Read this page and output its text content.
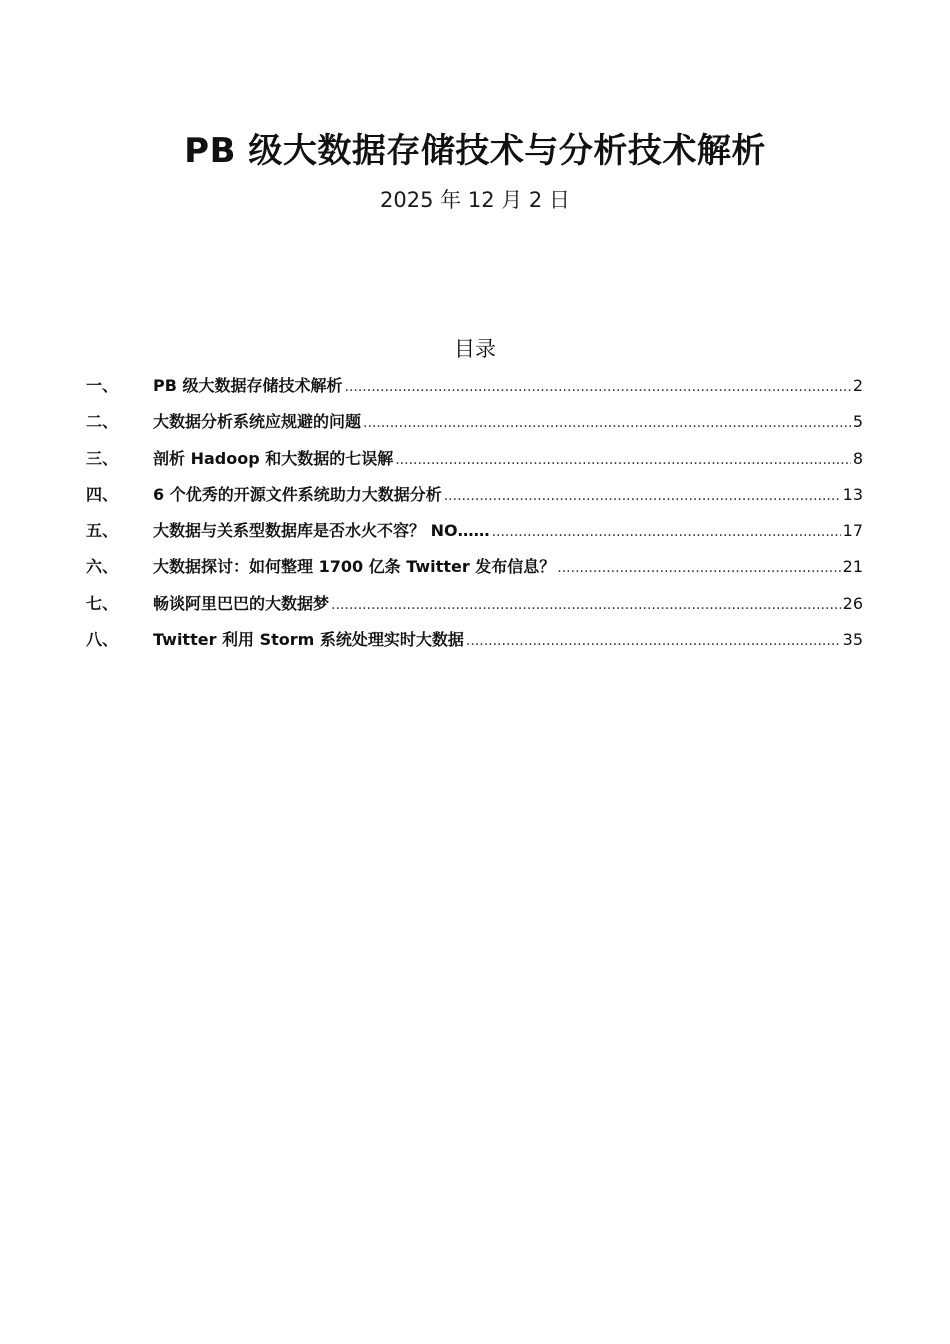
PB 级大数据存储技术与分析技术解析
2025 年 12 月 2 日
目录
一、	PB 级大数据存储技术解析 .....	2
二、	大数据分析系统应规避的问题 .....	5
三、	剖析 Hadoop 和大数据的七误解 .....	8
四、	6 个优秀的开源文件系统助力大数据分析 .....	13
五、	大数据与关系型数据库是否水火不容？ NO…… .....	17
六、	大数据探讨：如何整理 1700 亿条 Twitter 发布信息？ .....	21
七、	畅谈阿里巴巴的大数据梦 .....	26
八、	Twitter 利用 Storm 系统处理实时大数据 .....	35
